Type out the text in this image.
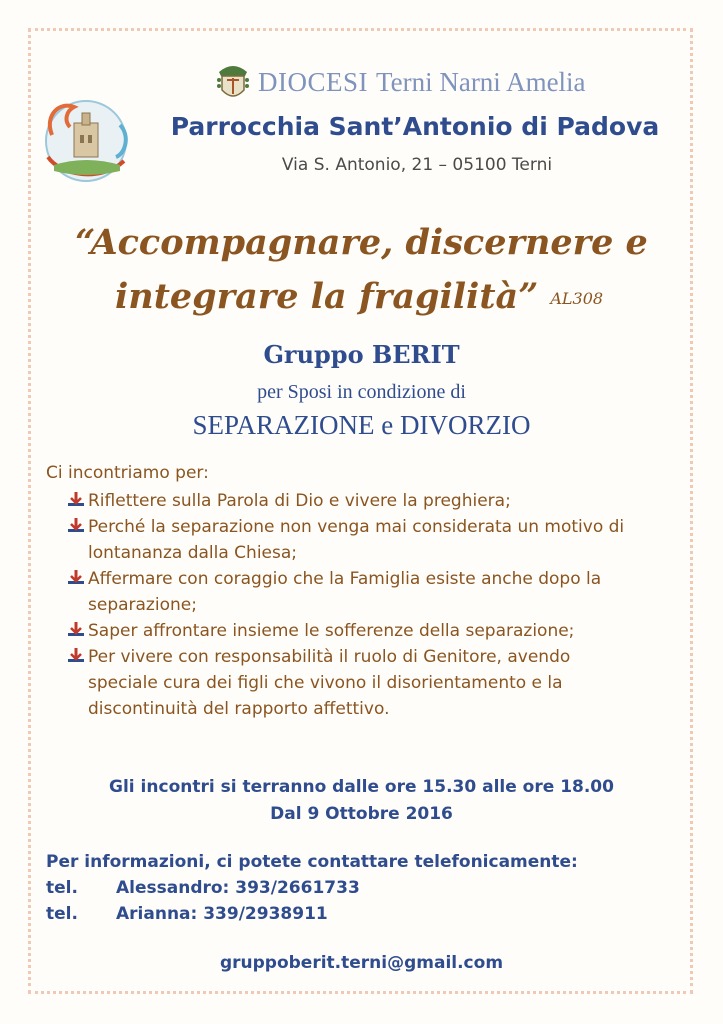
DIOCESI Terni Narni Amelia
Parrocchia Sant’Antonio di Padova
Via S. Antonio, 21 – 05100 Terni
“Accompagnare, discernere e
integrare la fragilità” AL308
Gruppo BERIT
per Sposi in condizione di
SEPARAZIONE e DIVORZIO
Ci incontriamo per:
Riflettere sulla Parola di Dio e vivere la preghiera;
Perché la separazione non venga mai considerata un motivo di
lontananza dalla Chiesa;
Affermare con coraggio che la Famiglia esiste anche dopo la
separazione;
Saper affrontare insieme le sofferenze della separazione;
Per vivere con responsabilità il ruolo di Genitore, avendo
speciale cura dei figli che vivono il disorientamento e la
discontinuità del rapporto affettivo.
Gli incontri si terranno dalle ore 15.30 alle ore 18.00
Dal 9 Ottobre 2016
Per informazioni, ci potete contattare telefonicamente:
tel.	Alessandro: 393/2661733
tel.	Arianna: 339/2938911
gruppoberit.terni@gmail.com
